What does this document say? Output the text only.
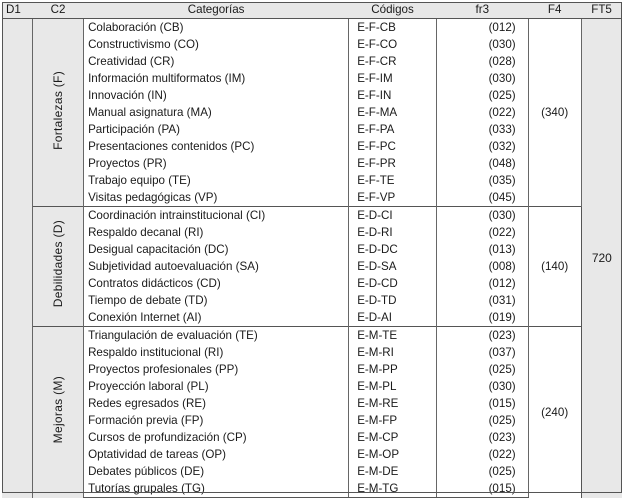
D1	C2	Categorías	Códigos	fr3	F4	FT5
	Fortalezas (F)	Colaboración (CB)	E-F-CB	(012)	(340)	720
		Constructivismo (CO)	E-F-CO	(030)		
		Creatividad (CR)	E-F-CR	(028)		
		Información multiformatos (IM)	E-F-IM	(030)		
		Innovación (IN)	E-F-IN	(025)		
		Manual asignatura (MA)	E-F-MA	(022)		
		Participación (PA)	E-F-PA	(033)		
		Presentaciones contenidos (PC)	E-F-PC	(032)		
		Proyectos (PR)	E-F-PR	(048)		
		Trabajo equipo (TE)	E-F-TE	(035)		
		Visitas pedagógicas (VP)	E-F-VP	(045)		
	Debilidades (D)	Coordinación intrainstitucional (CI)	E-D-CI	(030)	(140)	
		Respaldo decanal (RI)	E-D-RI	(022)		
		Desigual capacitación (DC)	E-D-DC	(013)		
		Subjetividad autoevaluación (SA)	E-D-SA	(008)		
		Contratos didácticos (CD)	E-D-CD	(012)		
		Tiempo de debate (TD)	E-D-TD	(031)		
		Conexión Internet (AI)	E-D-AI	(019)		
	Mejoras (M)	Triangulación de evaluación (TE)	E-M-TE	(023)	(240)	
		Respaldo institucional (RI)	E-M-RI	(037)		
		Proyectos profesionales (PP)	E-M-PP	(025)		
		Proyección laboral (PL)	E-M-PL	(030)		
		Redes egresados (RE)	E-M-RE	(015)		
		Formación previa (FP)	E-M-FP	(025)		
		Cursos de profundización (CP)	E-M-CP	(023)		
		Optatividad de tareas (OP)	E-M-OP	(022)		
		Debates públicos (DE)	E-M-DE	(025)		
		Tutorías grupales (TG)	E-M-TG	(015)		
